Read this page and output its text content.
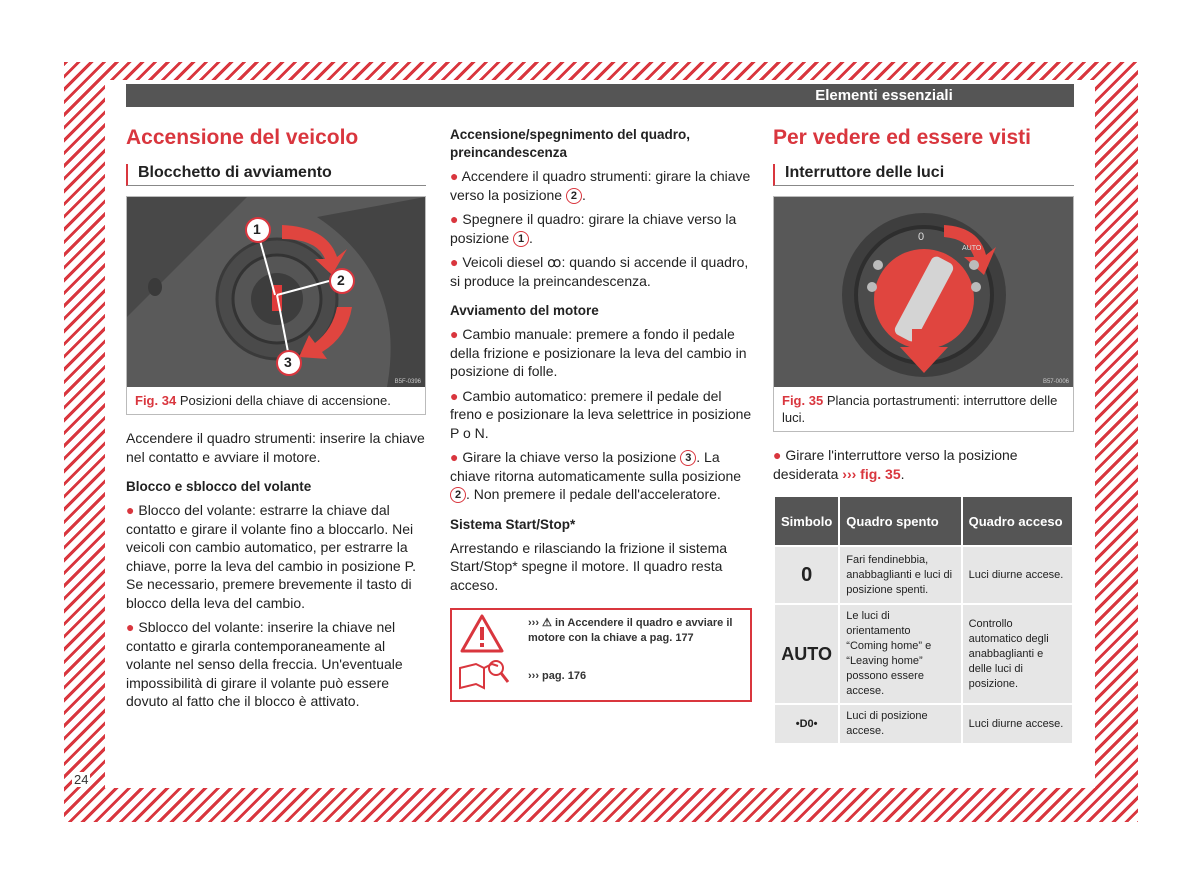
24
Elementi essenziali
Accensione del veicolo
Blocchetto di avviamento
1
2
3
B5F-0396
Fig. 34 Posizioni della chiave di accensione.

Accendere il quadro strumenti: inserire la chiave nel contatto e avviare il motore.

Blocco e sblocco del volante

● Blocco del volante: estrarre la chiave dal contatto e girare il volante fino a bloccarlo. Nei veicoli con cambio automatico, per estrarre la chiave, porre la leva del cambio in posizione P. Se necessario, premere brevemente il tasto di blocco della leva del cambio.

● Sblocco del volante: inserire la chiave nel contatto e girarla contemporaneamente al volante nel senso della freccia. Un'eventuale impossibilità di girare il volante può essere dovuto al fatto che il blocco è attivato.

Accensione/spegnimento del quadro, preincandescenza

● Accendere il quadro strumenti: girare la chiave verso la posizione 2 .

● Spegnere il quadro: girare la chiave verso la posizione 1 .

● Veicoli diesel ꝏ: quando si accende il quadro, si produce la preincandescenza.

Avviamento del motore

● Cambio manuale: premere a fondo il pedale della frizione e posizionare la leva del cambio in posizione di folle.

● Cambio automatico: premere il pedale del freno e posizionare la leva selettrice in posizione P o N.

● Girare la chiave verso la posizione 3 . La chiave ritorna automaticamente sulla posizione 2 . Non premere il pedale dell'acceleratore.

Sistema Start/Stop*

Arrestando e rilasciando la frizione il sistema Start/Stop* spegne il motore. Il quadro resta acceso.

››› ⚠ in Accendere il quadro e avviare il motore con la chiave a pag. 177
››› pag. 176
Per vedere ed essere visti
Interruttore delle luci
0
AUTO
B57-0006
Fig. 35 Plancia portastrumenti: interruttore delle luci.

● Girare l'interruttore verso la posizione desiderata ››› fig. 35.

Simbolo	Quadro spento	Quadro acceso
0	Fari fendinebbia, anabbaglianti e luci di posizione spenti.	Luci diurne accese.
AUTO	Le luci di orientamento “Coming home” e “Leaving home” possono essere accese.	Controllo automatico degli anabbaglianti e delle luci di posizione.
•D0•	Luci di posizione accese.	Luci diurne accese.
